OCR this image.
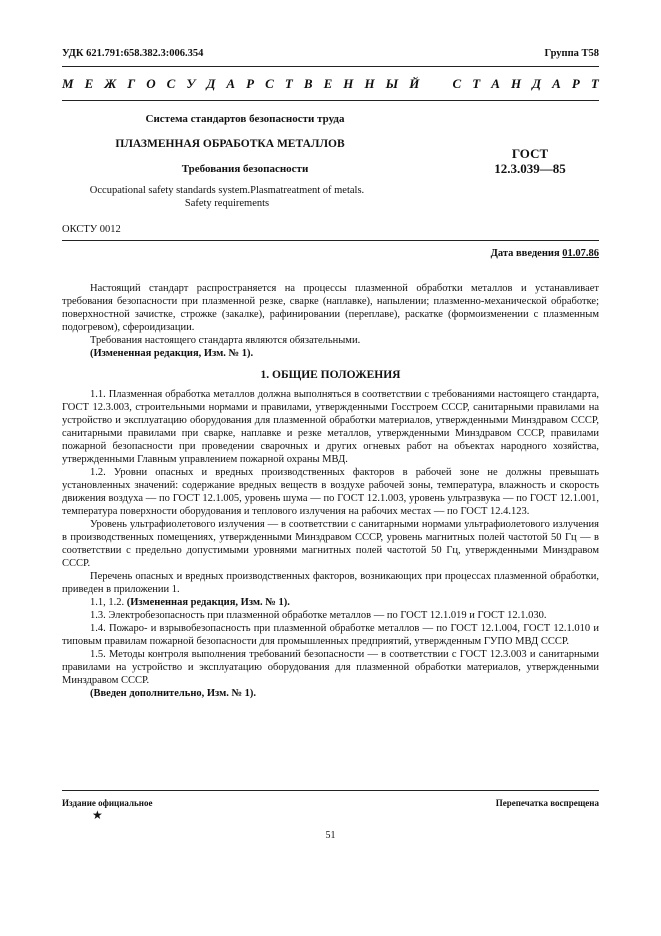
УДК 621.791:658.382.3:006.354	Группа Т58
М Е Ж Г О С У Д А Р С Т В Е Н Н Ы Й	С Т А Н Д А Р Т
Система стандартов безопасности труда
ПЛАЗМЕННАЯ ОБРАБОТКА МЕТАЛЛОВ
Требования безопасности
ГОСТ
12.3.039—85
Occupational safety standards system.Plasmatreatment of metals.
Safety requirements
ОКСТУ 0012
Дата введения 01.07.86

Настоящий стандарт распространяется на процессы плазменной обработки металлов и устанавливает требования безопасности при плазменной резке, сварке (наплавке), напылении; плазменно-механической обработке; поверхностной зачистке, строжке (закалке), рафинировании (переплаве), раскатке (формоизменении с плазменным подогревом), сфероидизации.

Требования настоящего стандарта являются обязательными.

(Измененная редакция, Изм. № 1).

1. ОБЩИЕ ПОЛОЖЕНИЯ

1.1. Плазменная обработка металлов должна выполняться в соответствии с требованиями настоящего стандарта, ГОСТ 12.3.003, строительными нормами и правилами, утвержденными Госстроем СССР, санитарными правилами на устройство и эксплуатацию оборудования для плазменной обработки материалов, утвержденными Минздравом СССР, санитарными правилами при сварке, наплавке и резке металлов, утвержденными Минздравом СССР, правилами пожарной безопасности при проведении сварочных и других огневых работ на объектах народного хозяйства, утвержденными Главным управлением пожарной охраны МВД.

1.2. Уровни опасных и вредных производственных факторов в рабочей зоне не должны превышать установленных значений: содержание вредных веществ в воздухе рабочей зоны, температура, влажность и скорость движения воздуха — по ГОСТ 12.1.005, уровень шума — по ГОСТ 12.1.003, уровень ультразвука — по ГОСТ 12.1.001, температура поверхности оборудования и теплового излучения на рабочих местах — по ГОСТ 12.4.123.

Уровень ультрафиолетового излучения — в соответствии с санитарными нормами ультрафиолетового излучения в производственных помещениях, утвержденными Минздравом СССР, уровень магнитных полей частотой 50 Гц — в соответствии с предельно допустимыми уровнями магнитных полей частотой 50 Гц, утвержденными Минздравом СССР.

Перечень опасных и вредных производственных факторов, возникающих при процессах плазменной обработки, приведен в приложении 1.

1.1, 1.2. (Измененная редакция, Изм. № 1).

1.3. Электробезопасность при плазменной обработке металлов — по ГОСТ 12.1.019 и ГОСТ 12.1.030.

1.4. Пожаро- и взрывобезопасность при плазменной обработке металлов — по ГОСТ 12.1.004, ГОСТ 12.1.010 и типовым правилам пожарной безопасности для промышленных предприятий, утвержденным ГУПО МВД СССР.

1.5. Методы контроля выполнения требований безопасности — в соответствии с ГОСТ 12.3.003 и санитарными правилами на устройство и эксплуатацию оборудования для плазменной обработки материалов, утвержденными Минздравом СССР.

(Введен дополнительно, Изм. № 1).

Издание официальное	Перепечатка воспрещена
★
51
